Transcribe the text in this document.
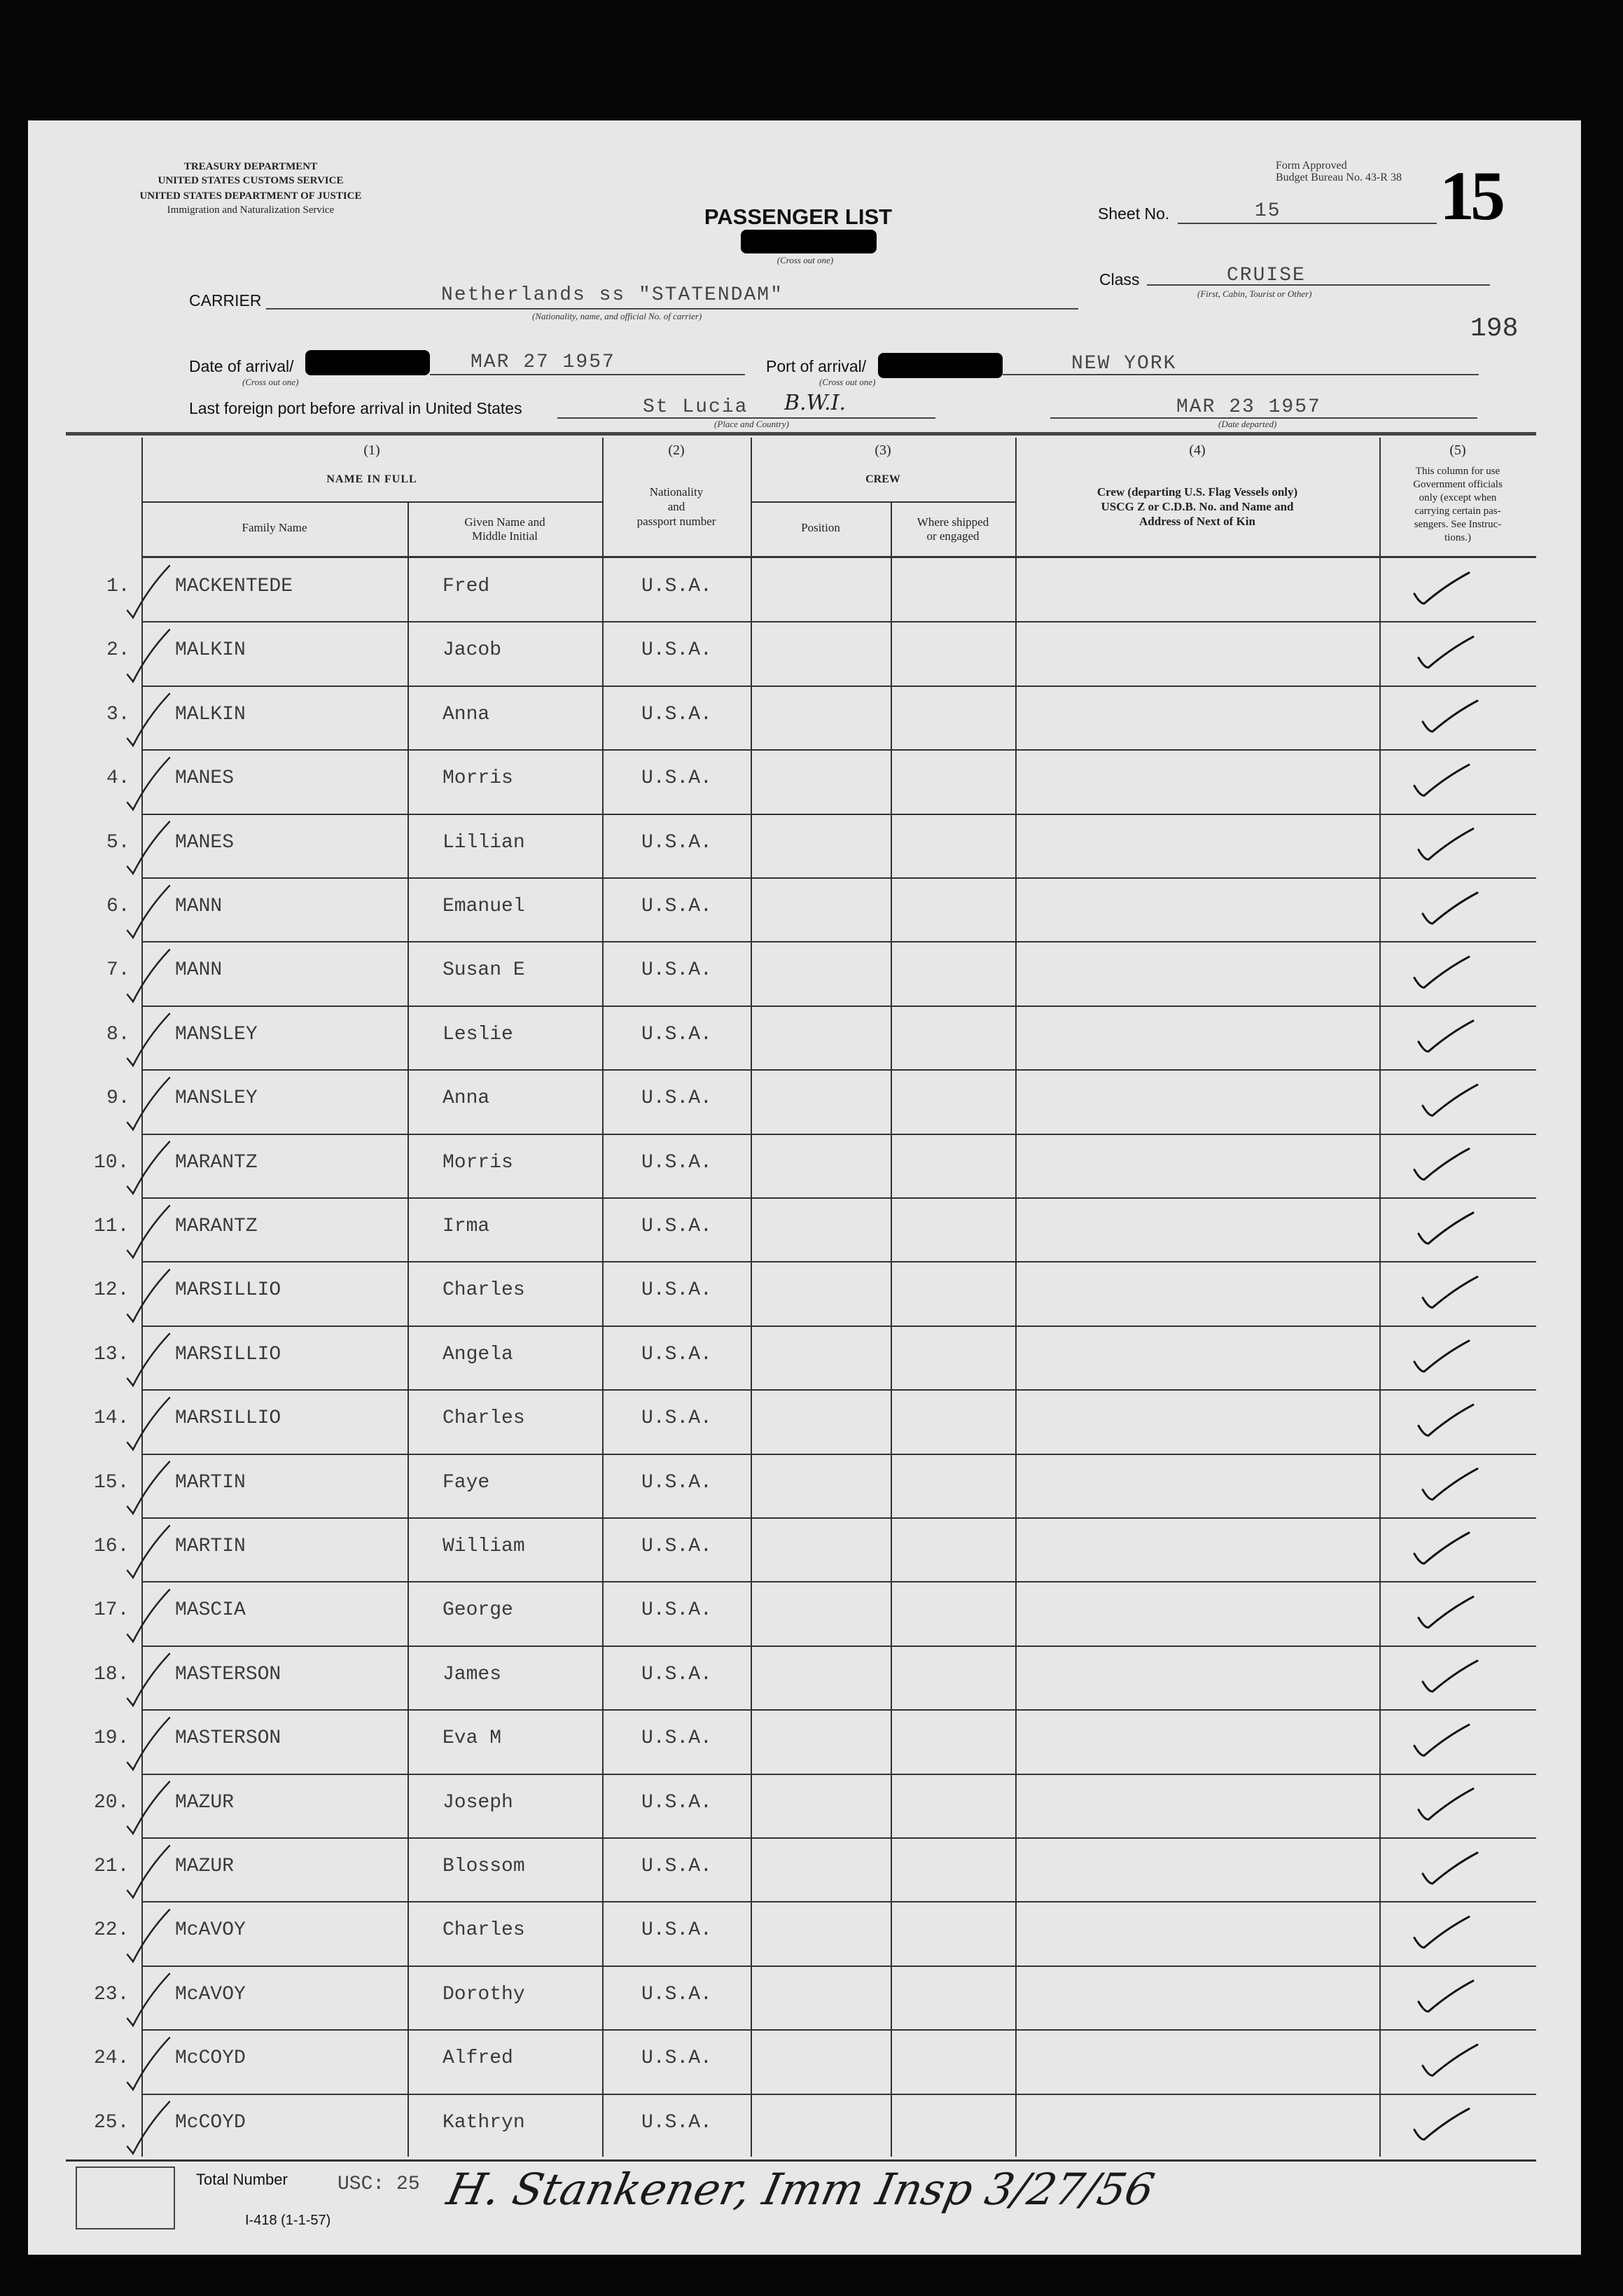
TREASURY DEPARTMENT
UNITED STATES CUSTOMS SERVICE
UNITED STATES DEPARTMENT OF JUSTICE
Immigration and Naturalization Service	PASSENGER LIST
(Cross out one)
Form Approved
Budget Bureau No. 43-R 38
Sheet No.	15 15
Class	CRUISE
(First, Cabin, Tourist or Other)
198
CARRIER	Netherlands ss "STATENDAM"
(Nationality, name, and official No. of carrier)
Date of arrival/	MAR 27 1957
(Cross out one)
Port of arrival/	NEW YORK
(Cross out one)
Last foreign port before arrival in United States	St Lucia B.W.I.
(Place and Country)
MAR 23 1957
(Date departed)
(1)
NAME IN FULL
Family Name	Given Name and
Middle Initial
(2)
Nationality
and
passport number
(3)
CREW
Position	Where shipped
or engaged
(4)
Crew (departing U.S. Flag Vessels only)
USCG Z or C.D.B. No. and Name and
Address of Next of Kin
(5)
This column for use
Government officials
only (except when
carrying certain pas-
sengers. See Instruc-
tions.)
1. MACKENTEDE	Fred	U.S.A.
2. MALKIN	Jacob	U.S.A.
3. MALKIN	Anna	U.S.A.
4. MANES	Morris	U.S.A.
5. MANES	Lillian	U.S.A.
6. MANN	Emanuel	U.S.A.
7. MANN	Susan E	U.S.A.
8. MANSLEY	Leslie	U.S.A.
9. MANSLEY	Anna	U.S.A.
10. MARANTZ	Morris	U.S.A.
11. MARANTZ	Irma	U.S.A.
12. MARSILLIO	Charles	U.S.A.
13. MARSILLIO	Angela	U.S.A.
14. MARSILLIO	Charles	U.S.A.
15. MARTIN	Faye	U.S.A.
16. MARTIN	William	U.S.A.
17. MASCIA	George	U.S.A.
18. MASTERSON	James	U.S.A.
19. MASTERSON	Eva M	U.S.A.
20. MAZUR	Joseph	U.S.A.
21. MAZUR	Blossom	U.S.A.
22. McAVOY	Charles	U.S.A.
23. McAVOY	Dorothy	U.S.A.
24. McCOYD	Alfred	U.S.A.
25. McCOYD	Kathryn	U.S.A.
Total Number	USC: 25
I-418 (1-1-57)
H. Stankener, Imm Insp 3/27/56
